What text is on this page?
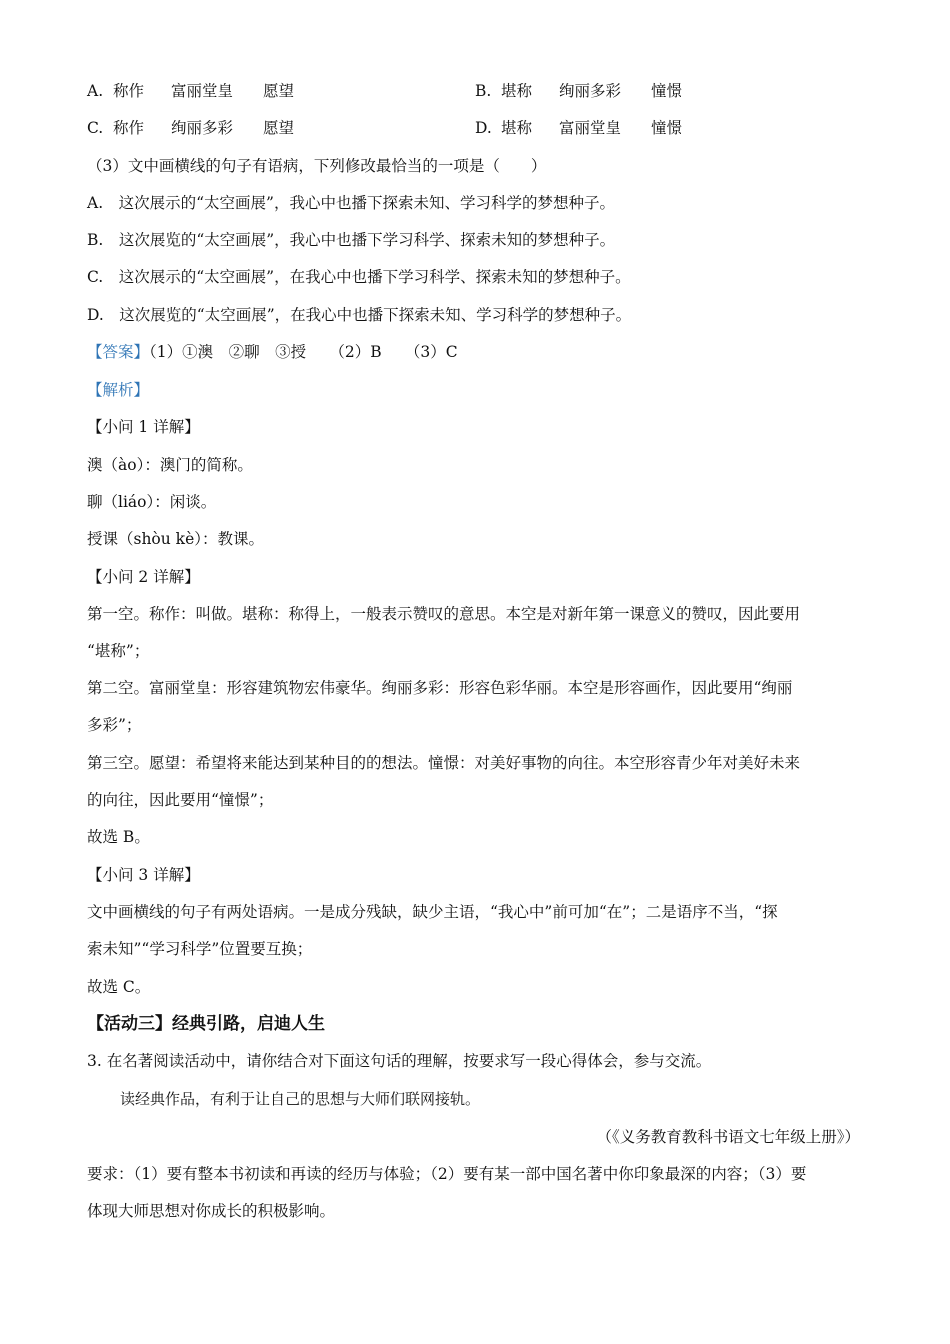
A. 称作 富丽堂皇 愿望	B. 堪称 绚丽多彩 憧憬
C. 称作 绚丽多彩 愿望	D. 堪称 富丽堂皇 憧憬
（3）文中画横线的句子有语病，下列修改最恰当的一项是（　　）
A.　这次展示的“太空画展”，我心中也播下探索未知、学习科学的梦想种子。
B.　这次展览的“太空画展”，我心中也播下学习科学、探索未知的梦想种子。
C.　这次展示的“太空画展”，在我心中也播下学习科学、探索未知的梦想种子。
D.　这次展览的“太空画展”，在我心中也播下探索未知、学习科学的梦想种子。
【答案】（1）①澳　②聊　③授　　（2）B　　（3）C
【解析】
【小问 1 详解】
澳（ào）：澳门的简称。
聊（liáo）：闲谈。
授课（shòu kè）：教课。
【小问 2 详解】
第一空。称作：叫做。堪称：称得上，一般表示赞叹的意思。本空是对新年第一课意义的赞叹，因此要用
“堪称”；
第二空。富丽堂皇：形容建筑物宏伟豪华。绚丽多彩：形容色彩华丽。本空是形容画作，因此要用“绚丽
多彩”；
第三空。愿望：希望将来能达到某种目的的想法。憧憬：对美好事物的向往。本空形容青少年对美好未来
的向往，因此要用“憧憬”；
故选 B。
【小问 3 详解】
文中画横线的句子有两处语病。一是成分残缺，缺少主语，“我心中”前可加“在”；二是语序不当，“探
索未知”“学习科学”位置要互换；
故选 C。
【活动三】经典引路，启迪人生
3. 在名著阅读活动中，请你结合对下面这句话的理解，按要求写一段心得体会，参与交流。
读经典作品，有利于让自己的思想与大师们联网接轨。
（《义务教育教科书语文七年级上册》）
要求：（1）要有整本书初读和再读的经历与体验；（2）要有某一部中国名著中你印象最深的内容；（3）要
体现大师思想对你成长的积极影响。
